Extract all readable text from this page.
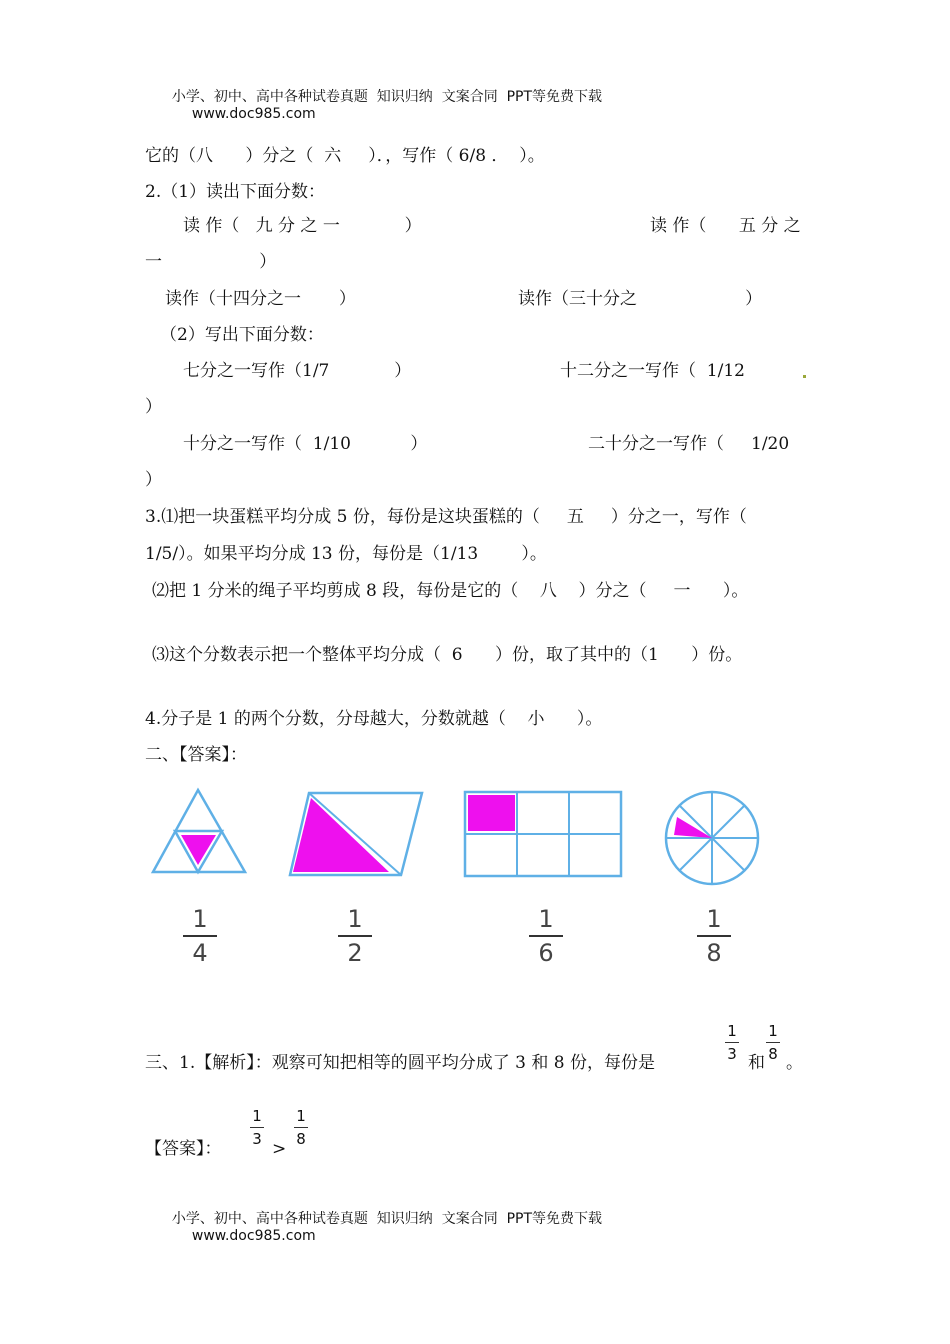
小学、初中、高中各种试卷真题  知识归纳  文案合同  PPT等免费下载
www.doc985.com

它的（八      ）分之（  六     ）．，写作（ 6/8 ．  ）。
2.（1）读出下面分数：
读 作（   九 分 之 一            ）	读 作（      五 分 之
一                  ）
读作（十四分之一       ）	读作（三十分之                    ）
（2）写出下面分数：
七分之一写作（1/7            ）	十二分之一写作（  1/12
）
十分之一写作（  1/10           ）	二十分之一写作（     1/20
）
3.⑴把一块蛋糕平均分成 5 份，每份是这块蛋糕的（     五     ）分之一，写作（
1/5/）。如果平均分成 13 份，每份是（1/13        ）。
⑵把 1 分米的绳子平均剪成 8 段，每份是它的（    八    ）分之（     一      ）。
⑶这个分数表示把一个整体平均分成（  6      ）份，取了其中的（1      ）份。
4.分子是 1 的两个分数，分母越大，分数就越（    小      ）。
二、【答案】：
1
4
1
2
1
6
1
8
三、1.【解析】：观察可知把相等的圆平均分成了 3 和 8 份，每份是
1
3 和
1
8 。
【答案】：
1
3 >
1
8

小学、初中、高中各种试卷真题  知识归纳  文案合同  PPT等免费下载
www.doc985.com
